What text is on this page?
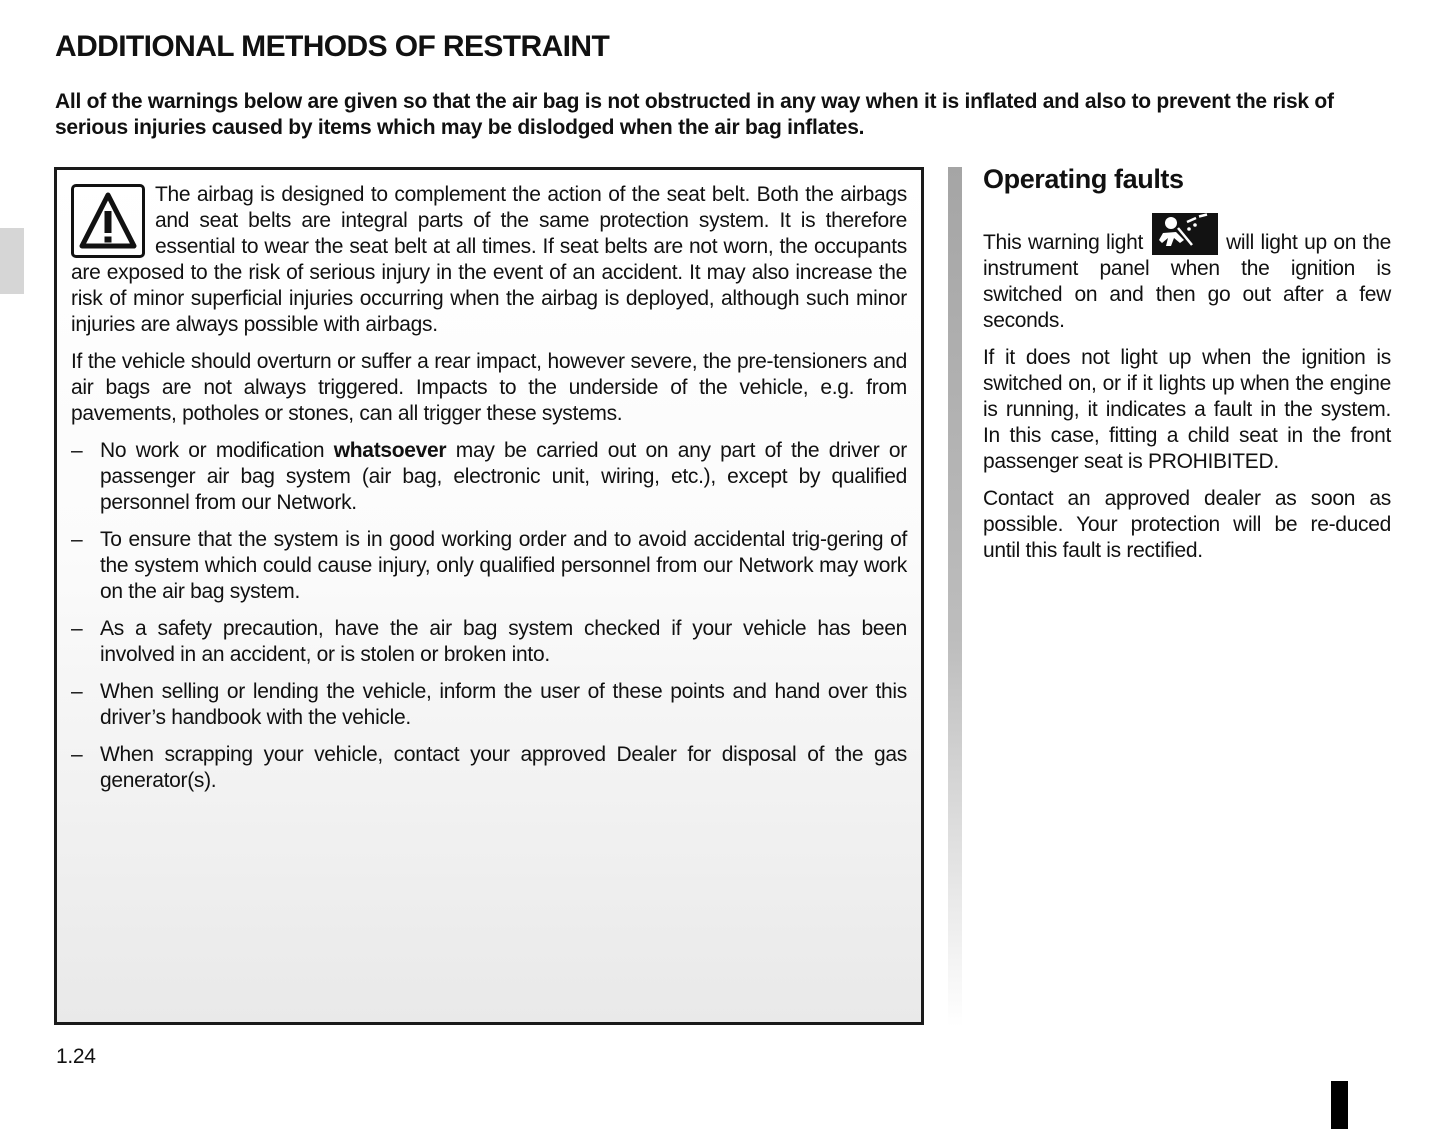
ADDITIONAL METHODS OF RESTRAINT

All of the warnings below are given so that the air bag is not obstructed in any way when it is inflated and also to prevent the risk of serious injuries caused by items which may be dislodged when the air bag inflates.

The airbag is designed to complement the action of the seat belt. Both the airbags and seat belts are integral parts of the same protection system. It is therefore essential to wear the seat belt at all times. If seat belts are not worn, the occupants are exposed to the risk of serious injury in the event of an accident. It may also increase the risk of minor superficial injuries occurring when the airbag is deployed, although such minor injuries are always possible with airbags.

If the vehicle should overturn or suffer a rear impact, however severe, the pre-tensioners and air bags are not always triggered. Impacts to the underside of the vehicle, e.g. from pavements, potholes or stones, can all trigger these systems.

– No work or modification whatsoever may be carried out on any part of the driver or passenger air bag system (air bag, electronic unit, wiring, etc.), except by qualified personnel from our Network.
– To ensure that the system is in good working order and to avoid accidental trig-gering of the system which could cause injury, only qualified personnel from our Network may work on the air bag system.
– As a safety precaution, have the air bag system checked if your vehicle has been involved in an accident, or is stolen or broken into.
– When selling or lending the vehicle, inform the user of these points and hand over this driver’s handbook with the vehicle.
– When scrapping your vehicle, contact your approved Dealer for disposal of the gas generator(s).
Operating faults

This warning light	will light up on the instrument panel when the ignition is switched on and then go out after a few seconds.

If it does not light up when the ignition is switched on, or if it lights up when the engine is running, it indicates a fault in the system. In this case, fitting a child seat in the front passenger seat is PROHIBITED.

Contact an approved dealer as soon as possible. Your protection will be re-duced until this fault is rectified.

1.24
